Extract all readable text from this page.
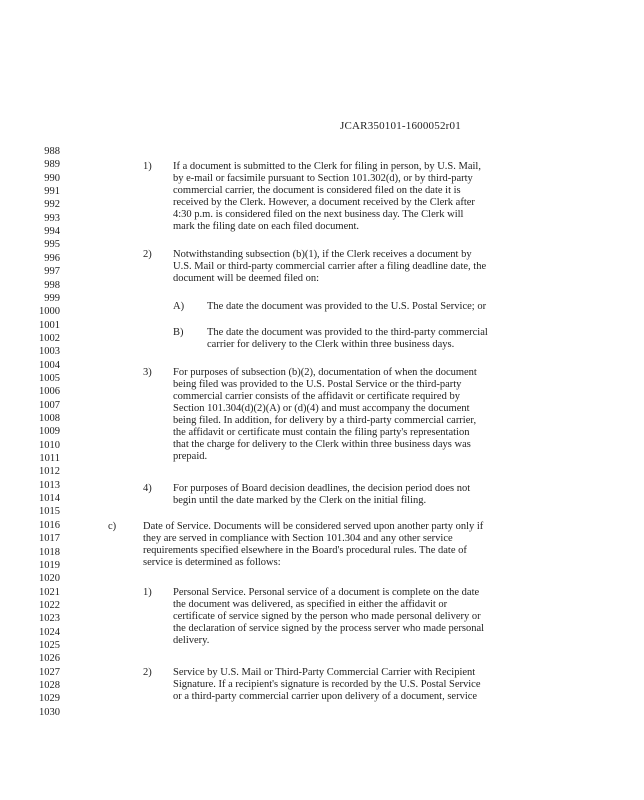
JCAR350101-1600052r01
988
989
990
991
992
993
994
995
996
997
998
999
1000
1001
1002
1003
1004
1005
1006
1007
1008
1009
1010
1011
1012
1013
1014
1015
1016
1017
1018
1019
1020
1021
1022
1023
1024
1025
1026
1027
1028
1029
1030
1) If a document is submitted to the Clerk for filing in person, by U.S. Mail,
by e-mail or facsimile pursuant to Section 101.302(d), or by third-party
commercial carrier, the document is considered filed on the date it is
received by the Clerk. However, a document received by the Clerk after
4:30 p.m. is considered filed on the next business day. The Clerk will
mark the filing date on each filed document.
2) Notwithstanding subsection (b)(1), if the Clerk receives a document by
U.S. Mail or third-party commercial carrier after a filing deadline date, the
document will be deemed filed on:
A) The date the document was provided to the U.S. Postal Service; or
B) The date the document was provided to the third-party commercial
carrier for delivery to the Clerk within three business days.
3) For purposes of subsection (b)(2), documentation of when the document
being filed was provided to the U.S. Postal Service or the third-party
commercial carrier consists of the affidavit or certificate required by
Section 101.304(d)(2)(A) or (d)(4) and must accompany the document
being filed. In addition, for delivery by a third-party commercial carrier,
the affidavit or certificate must contain the filing party's representation
that the charge for delivery to the Clerk within three business days was
prepaid.
4) For purposes of Board decision deadlines, the decision period does not
begin until the date marked by the Clerk on the initial filing.
c)	Date of Service. Documents will be considered served upon another party only if
they are served in compliance with Section 101.304 and any other service
requirements specified elsewhere in the Board's procedural rules. The date of
service is determined as follows:
1) Personal Service. Personal service of a document is complete on the date
the document was delivered, as specified in either the affidavit or
certificate of service signed by the person who made personal delivery or
the declaration of service signed by the process server who made personal
delivery.
2) Service by U.S. Mail or Third-Party Commercial Carrier with Recipient
Signature. If a recipient's signature is recorded by the U.S. Postal Service
or a third-party commercial carrier upon delivery of a document, service
